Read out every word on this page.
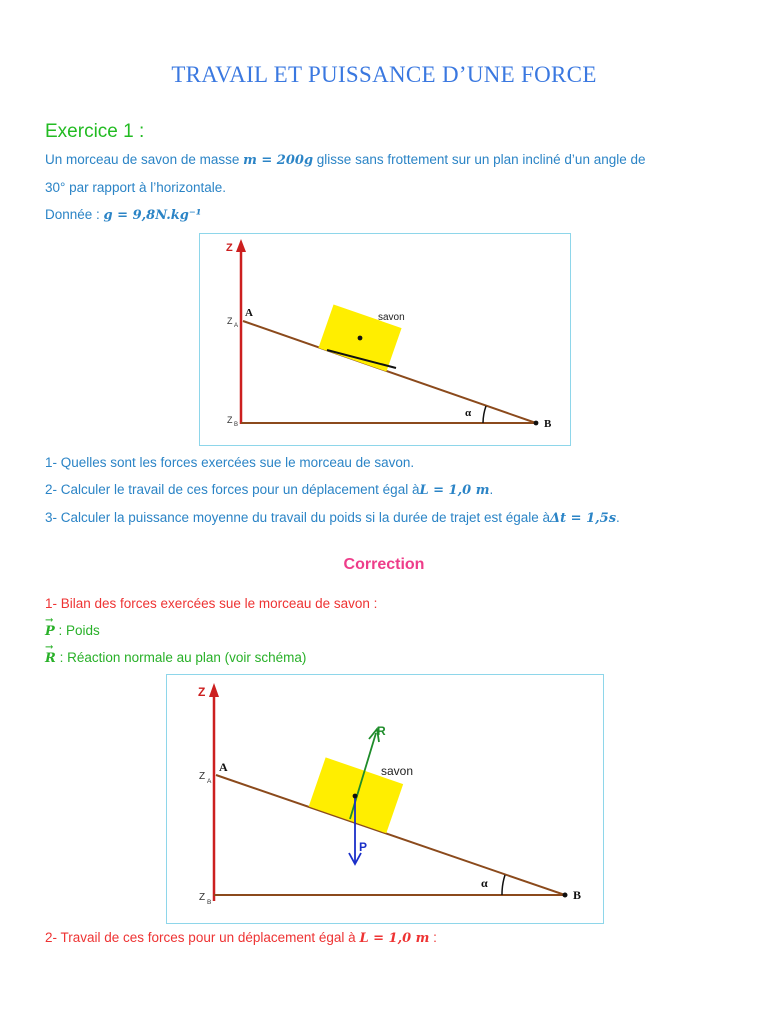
TRAVAIL ET PUISSANCE D’UNE FORCE
Exercice 1 :

Un morceau de savon de masse m = 200g glisse sans frottement sur un plan incliné d’un angle de

30° par rapport à l’horizontale.

Donnée : g = 9,8N.kg⁻¹

Z
Z A
Z B
savon
A
B
α

1- Quelles sont les forces exercées sue le morceau de savon.

2- Calculer le travail de ces forces pour un déplacement égal àL = 1,0 m.

3- Calculer la puissance moyenne du travail du poids si la durée de trajet est égale àΔt = 1,5s.

Correction

1- Bilan des forces exercées sue le morceau de savon :

→
P : Poids

→
R : Réaction normale au plan (voir schéma)

Z
Z A
Z B
R
P
savon
A
B
α

2- Travail de ces forces pour un déplacement égal à L = 1,0 m :
